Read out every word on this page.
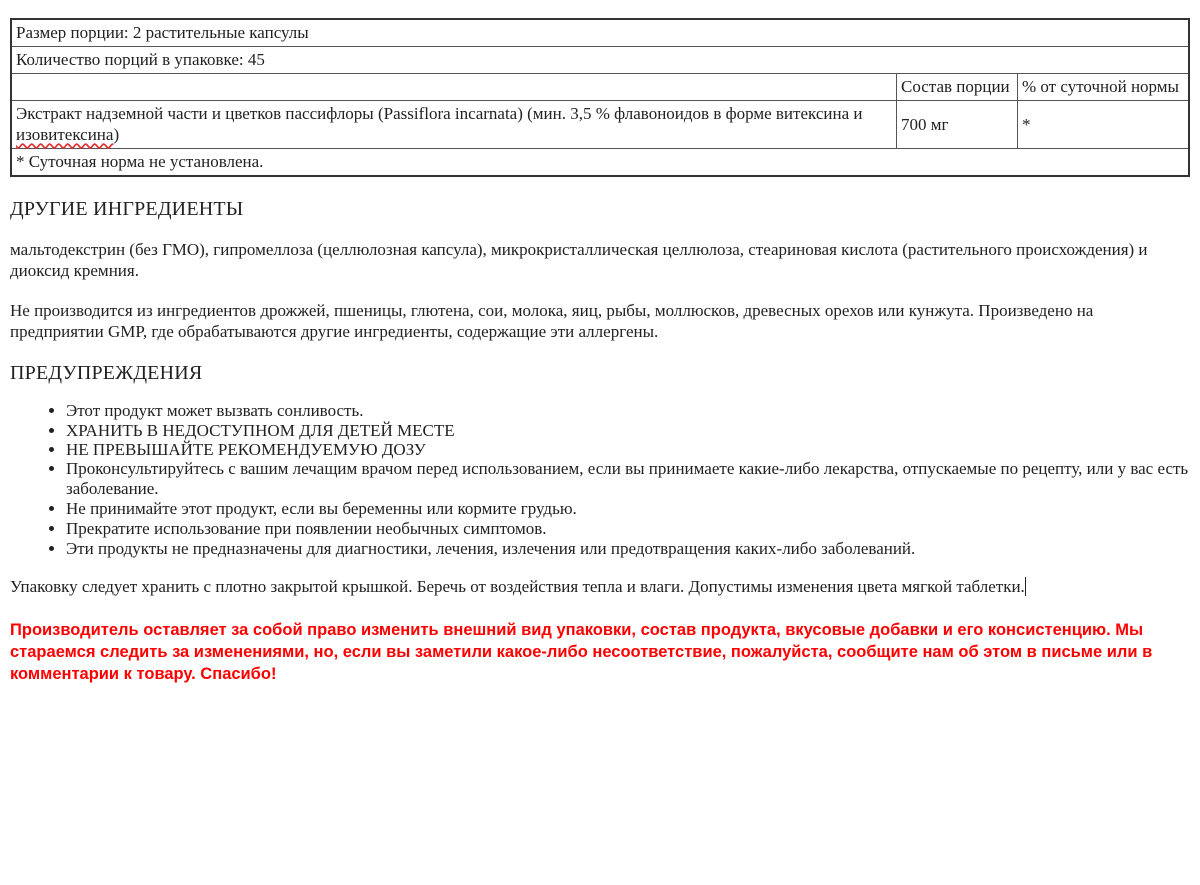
Размер порции: 2 растительные капсулы		
Количество порций в упаковке: 45		
	Состав порции	% от суточной нормы
Экстракт надземной части и цветков пассифлоры (Passiflora incarnata) (мин. 3,5 % флавоноидов в форме витексина и изовитексина)	700 мг	*
* Суточная норма не установлена.		
ДРУГИЕ ИНГРЕДИЕНТЫ

мальтодекстрин (без ГМО), гипромеллоза (целлюлозная капсула), микрокристаллическая целлюлоза, стеариновая кислота (растительного происхождения) и диоксид кремния.

Не производится из ингредиентов дрожжей, пшеницы, глютена, сои, молока, яиц, рыбы, моллюсков, древесных орехов или кунжута. Произведено на предприятии GMP, где обрабатываются другие ингредиенты, содержащие эти аллергены.

ПРЕДУПРЕЖДЕНИЯ
• Этот продукт может вызвать сонливость.
• ХРАНИТЬ В НЕДОСТУПНОМ ДЛЯ ДЕТЕЙ МЕСТЕ
• НЕ ПРЕВЫШАЙТЕ РЕКОМЕНДУЕМУЮ ДОЗУ
• Проконсультируйтесь с вашим лечащим врачом перед использованием, если вы принимаете какие-либо лекарства, отпускаемые по рецепту, или у вас есть заболевание.
• Не принимайте этот продукт, если вы беременны или кормите грудью.
• Прекратите использование при появлении необычных симптомов.
• Эти продукты не предназначены для диагностики, лечения, излечения или предотвращения каких-либо заболеваний.

Упаковку следует хранить с плотно закрытой крышкой. Беречь от воздействия тепла и влаги. Допустимы изменения цвета мягкой таблетки.

Производитель оставляет за собой право изменить внешний вид упаковки, состав продукта, вкусовые добавки и его консистенцию. Мы стараемся следить за изменениями, но, если вы заметили какое-либо несоответствие, пожалуйста, сообщите нам об этом в письме или в комментарии к товару. Спасибо!
